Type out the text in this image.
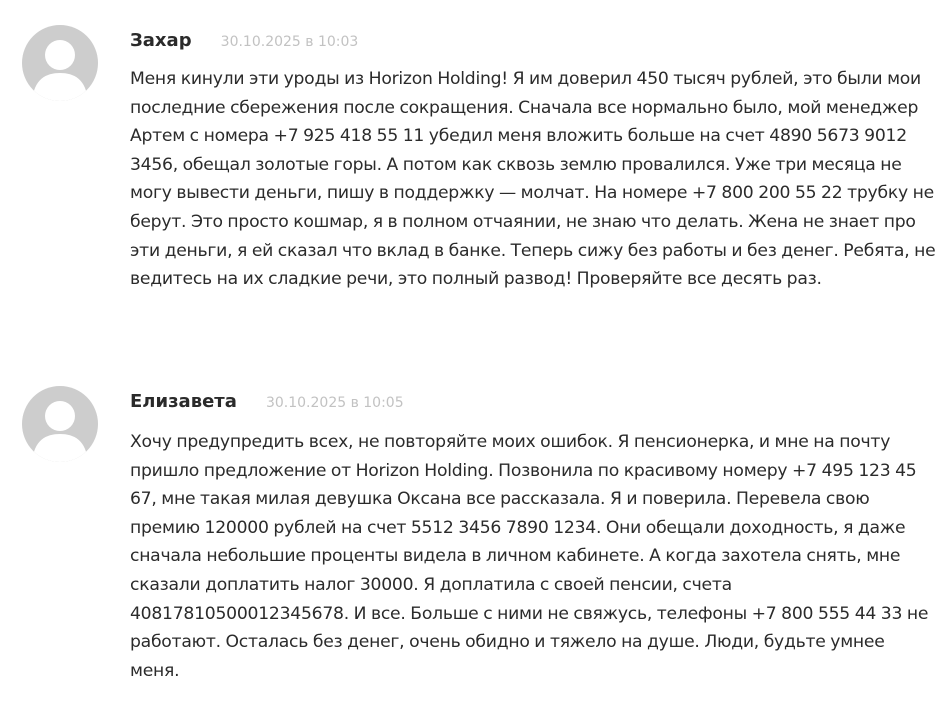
Захар 30.10.2025 в 10:03

Меня кинули эти уроды из Horizon Holding! Я им доверил 450 тысяч рублей, это были мои последние сбережения после сокращения. Сначала все нормально было, мой менеджер Артем с номера +7 925 418 55 11 убедил меня вложить больше на счет 4890 5673 9012 3456, обещал золотые горы. А потом как сквозь землю провалился. Уже три месяца не могу вывести деньги, пишу в поддержку — молчат. На номере +7 800 200 55 22 трубку не берут. Это просто кошмар, я в полном отчаянии, не знаю что делать. Жена не знает про эти деньги, я ей сказал что вклад в банке. Теперь сижу без работы и без денег. Ребята, не ведитесь на их сладкие речи, это полный развод! Проверяйте все десять раз.

Елизавета 30.10.2025 в 10:05

Хочу предупредить всех, не повторяйте моих ошибок. Я пенсионерка, и мне на почту пришло предложение от Horizon Holding. Позвонила по красивому номеру +7 495 123 45 67, мне такая милая девушка Оксана все рассказала. Я и поверила. Перевела свою премию 120000 рублей на счет 5512 3456 7890 1234. Они обещали доходность, я даже сначала небольшие проценты видела в личном кабинете. А когда захотела снять, мне сказали доплатить налог 30000. Я доплатила с своей пенсии, счета 40817810500012345678. И все. Больше с ними не свяжусь, телефоны +7 800 555 44 33 не работают. Осталась без денег, очень обидно и тяжело на душе. Люди, будьте умнее меня.
